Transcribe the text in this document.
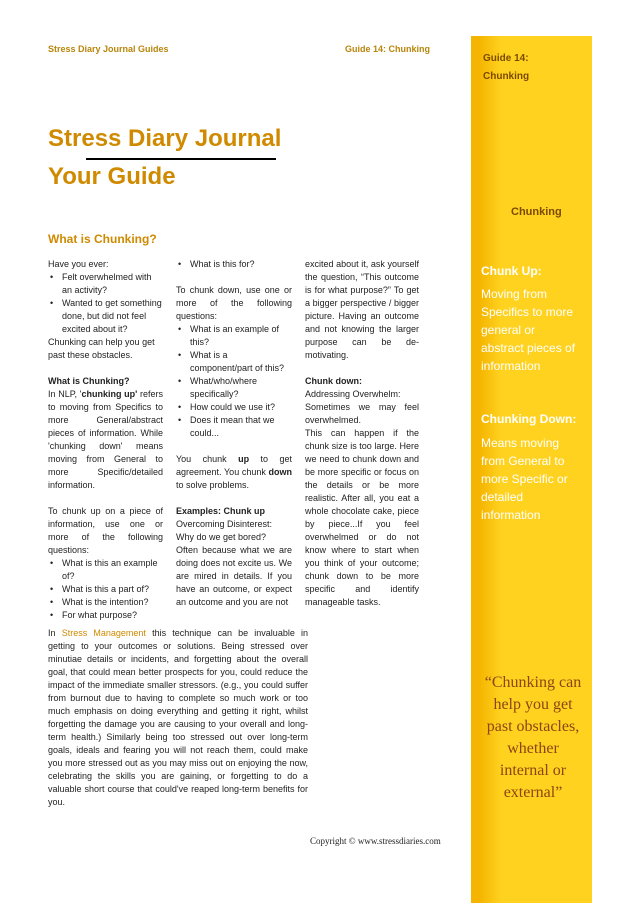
Stress Diary Journal Guides	Guide 14: Chunking
Guide 14:
Chunking
Chunking
Chunk Up:
Moving from Specifics to more general or abstract pieces of information
Chunking Down:
Means moving from General to more Specific or detailed information
“Chunking can help you get past obstacles, whether internal or external”
Stress Diary Journal
Your Guide
What is Chunking?

Have you ever:

• Felt overwhelmed with an activity?
• Wanted to get something done, but did not feel excited about it?

Chunking can help you get past these obstacles.

What is Chunking?

In NLP, 'chunking up' refers to moving from Specifics to more General/abstract pieces of information. While 'chunking down' means moving from General to more Specific/detailed information.

To chunk up on a piece of information, use one or more of the following questions:

• What is this an example of?
• What is this a part of?
• What is the intention?
• For what purpose?
• What is this for?

To chunk down, use one or more of the following questions:

• What is an example of this?
• What is a component/part of this?
• What/who/where specifically?
• How could we use it?
• Does it mean that we could...

You chunk up to get agreement. You chunk down to solve problems.

Examples: Chunk up

Overcoming Disinterest: Why do we get bored?

Often because what we are doing does not excite us. We are mired in details. If you have an outcome, or expect an outcome and you are not

excited about it, ask yourself the question, “This outcome is for what purpose?” To get a bigger perspective / bigger picture. Having an outcome and not knowing the larger purpose can be de-motivating.

Chunk down:

Addressing Overwhelm:

Sometimes we may feel overwhelmed.

This can happen if the chunk size is too large. Here we need to chunk down and be more specific or focus on the details or be more realistic. After all, you eat a whole chocolate cake, piece by piece...If you feel overwhelmed or do not know where to start when you think of your outcome; chunk down to be more specific and identify manageable tasks.

In Stress Management this technique can be invaluable in getting to your outcomes or solutions. Being stressed over minutiae details or incidents, and forgetting about the overall goal, that could mean better prospects for you, could reduce the impact of the immediate smaller stressors. (e.g., you could suffer from burnout due to having to complete so much work or too much emphasis on doing everything and getting it right, whilst forgetting the damage you are causing to your overall and long-term health.) Similarly being too stressed out over long-term goals, ideals and fearing you will not reach them, could make you more stressed out as you may miss out on enjoying the now, celebrating the skills you are gaining, or forgetting to do a valuable short course that could've reaped long-term benefits for you.

Copyright © www.stressdiaries.com
